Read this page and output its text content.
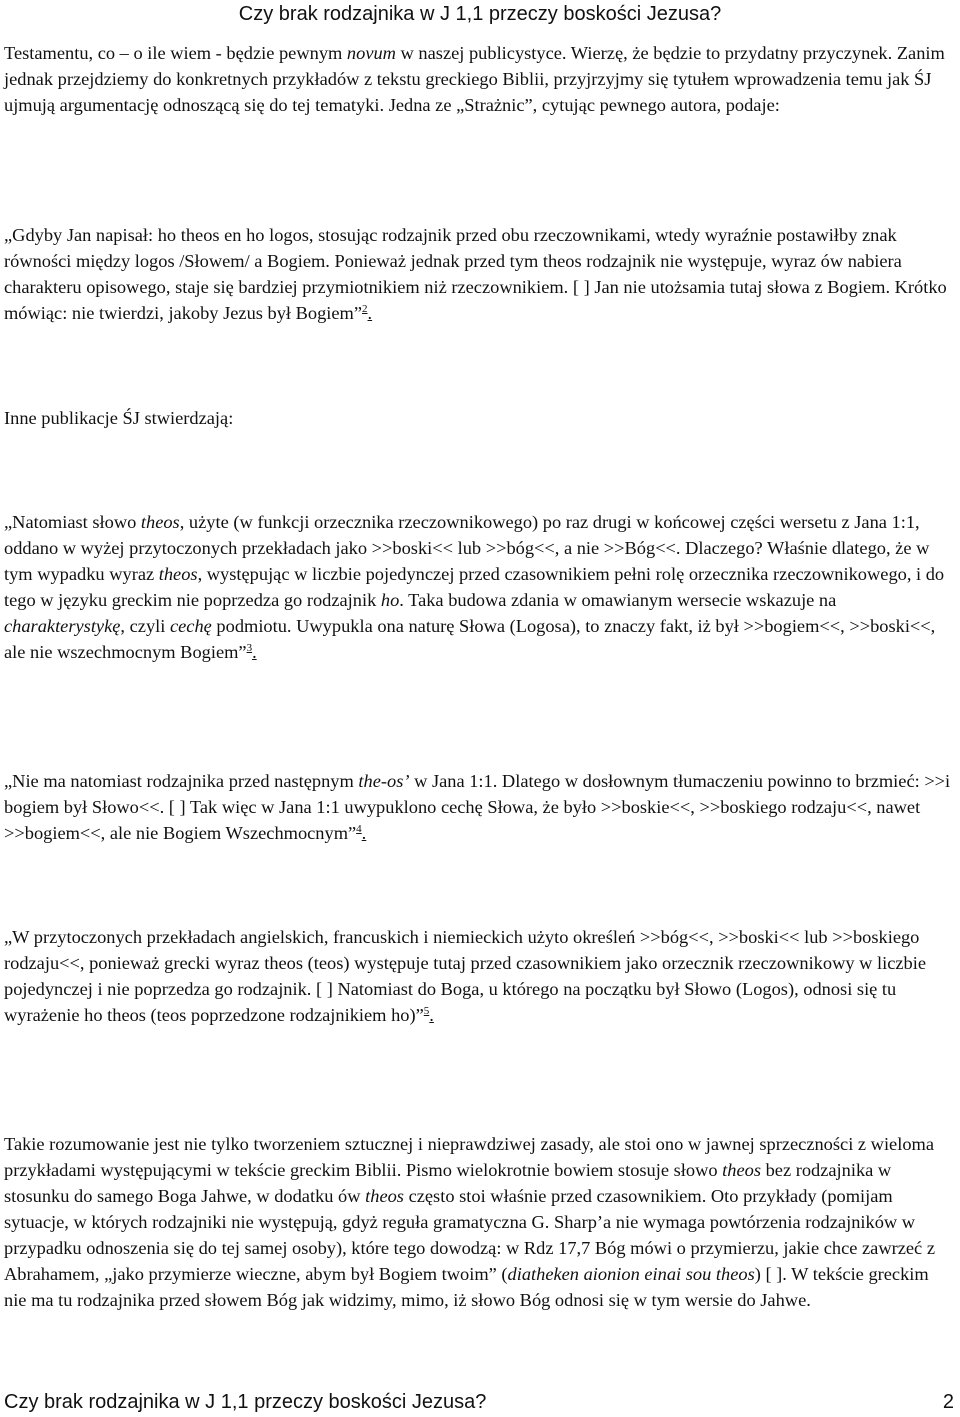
Czy brak rodzajnika w J 1,1 przeczy boskości Jezusa?

Testamentu, co – o ile wiem - będzie pewnym novum w naszej publicystyce. Wierzę, że będzie to przydatny przyczynek. Zanim jednak przejdziemy do konkretnych przykładów z tekstu greckiego Biblii, przyjrzyjmy się tytułem wprowadzenia temu jak ŚJ ujmują argumentację odnoszącą się do tej tematyki. Jedna ze „Strażnic”, cytując pewnego autora, podaje:

„Gdyby Jan napisał: ho theos en ho logos, stosując rodzajnik przed obu rzeczownikami, wtedy wyraźnie postawiłby znak równości między logos /Słowem/ a Bogiem. Ponieważ jednak przed tym theos rodzajnik nie występuje, wyraz ów nabiera charakteru opisowego, staje się bardziej przymiotnikiem niż rzeczownikiem. [ ] Jan nie utożsamia tutaj słowa z Bogiem. Krótko mówiąc: nie twierdzi, jakoby Jezus był Bogiem”$^2$.

Inne publikacje ŚJ stwierdzają:

„Natomiast słowo theos, użyte (w funkcji orzecznika rzeczownikowego) po raz drugi w końcowej części wersetu z Jana 1:1, oddano w wyżej przytoczonych przekładach jako >>boski<< lub >>bóg<<, a nie >>Bóg<<. Dlaczego? Właśnie dlatego, że w tym wypadku wyraz theos, występując w liczbie pojedynczej przed czasownikiem pełni rolę orzecznika rzeczownikowego, i do tego w języku greckim nie poprzedza go rodzajnik ho. Taka budowa zdania w omawianym wersecie wskazuje na charakterystykę, czyli cechę podmiotu. Uwypukla ona naturę Słowa (Logosa), to znaczy fakt, iż był >>bogiem<<, >>boski<<, ale nie wszechmocnym Bogiem”$^3$.

„Nie ma natomiast rodzajnika przed następnym the-os’ w Jana 1:1. Dlatego w dosłownym tłumaczeniu powinno to brzmieć: >>i bogiem był Słowo<<. [ ] Tak więc w Jana 1:1 uwypuklono cechę Słowa, że było >>boskie<<, >>boskiego rodzaju<<, nawet >>bogiem<<, ale nie Bogiem Wszechmocnym”$^4$.

„W przytoczonych przekładach angielskich, francuskich i niemieckich użyto określeń >>bóg<<, >>boski<< lub >>boskiego rodzaju<<, ponieważ grecki wyraz theos (teos) występuje tutaj przed czasownikiem jako orzecznik rzeczownikowy w liczbie pojedynczej i nie poprzedza go rodzajnik. [ ] Natomiast do Boga, u którego na początku był Słowo (Logos), odnosi się tu wyrażenie ho theos (teos poprzedzone rodzajnikiem ho)”$^5$.

Takie rozumowanie jest nie tylko tworzeniem sztucznej i nieprawdziwej zasady, ale stoi ono w jawnej sprzeczności z wieloma przykładami występującymi w tekście greckim Biblii. Pismo wielokrotnie bowiem stosuje słowo theos bez rodzajnika w stosunku do samego Boga Jahwe, w dodatku ów theos często stoi właśnie przed czasownikiem. Oto przykłady (pomijam sytuacje, w których rodzajniki nie występują, gdyż reguła gramatyczna G. Sharp’a nie wymaga powtórzenia rodzajników w przypadku odnoszenia się do tej samej osoby), które tego dowodzą: w Rdz 17,7 Bóg mówi o przymierzu, jakie chce zawrzeć z Abrahamem, „jako przymierze wieczne, abym był Bogiem twoim” (diatheken aionion einai sou theos) [ ]. W tekście greckim nie ma tu rodzajnika przed słowem Bóg jak widzimy, mimo, iż słowo Bóg odnosi się w tym wersie do Jahwe.

Czy brak rodzajnika w J 1,1 przeczy boskości Jezusa?	2
